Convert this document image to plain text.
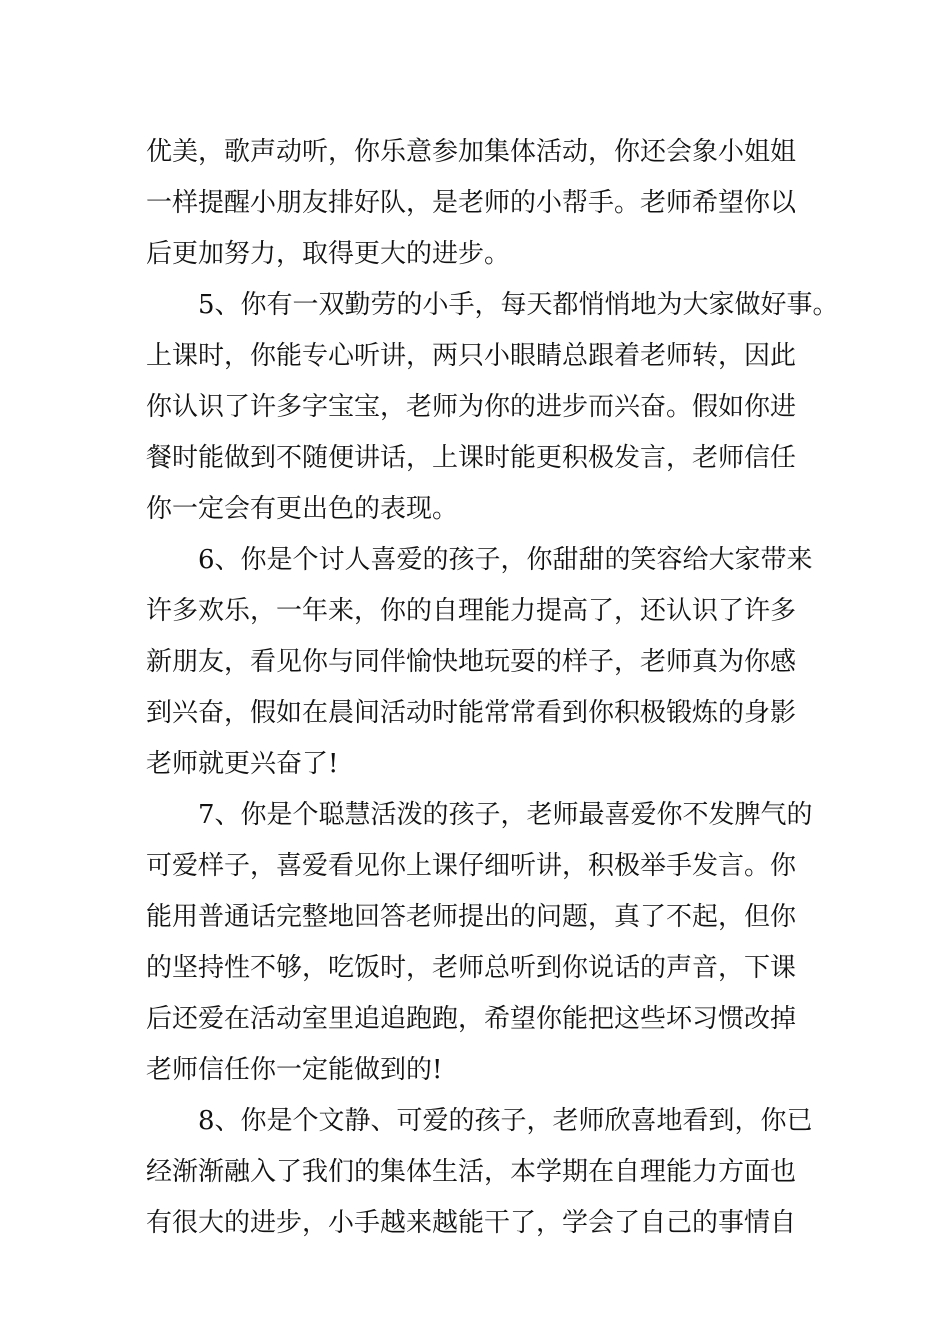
优美，歌声动听，你乐意参加集体活动，你还会象小姐姐
一样提醒小朋友排好队，是老师的小帮手。老师希望你以
后更加努力，取得更大的进步。
5、你有一双勤劳的小手，每天都悄悄地为大家做好事。
上课时，你能专心听讲，两只小眼睛总跟着老师转，因此
你认识了许多字宝宝，老师为你的进步而兴奋。假如你进
餐时能做到不随便讲话，上课时能更积极发言，老师信任
你一定会有更出色的表现。
6、你是个讨人喜爱的孩子，你甜甜的笑容给大家带来
许多欢乐，一年来，你的自理能力提高了，还认识了许多
新朋友，看见你与同伴愉快地玩耍的样子，老师真为你感
到兴奋，假如在晨间活动时能常常看到你积极锻炼的身影
老师就更兴奋了!
7、你是个聪慧活泼的孩子，老师最喜爱你不发脾气的
可爱样子，喜爱看见你上课仔细听讲，积极举手发言。你
能用普通话完整地回答老师提出的问题，真了不起，但你
的坚持性不够，吃饭时，老师总听到你说话的声音，下课
后还爱在活动室里追追跑跑，希望你能把这些坏习惯改掉
老师信任你一定能做到的!
8、你是个文静、可爱的孩子，老师欣喜地看到，你已
经渐渐融入了我们的集体生活，本学期在自理能力方面也
有很大的进步，小手越来越能干了，学会了自己的事情自
